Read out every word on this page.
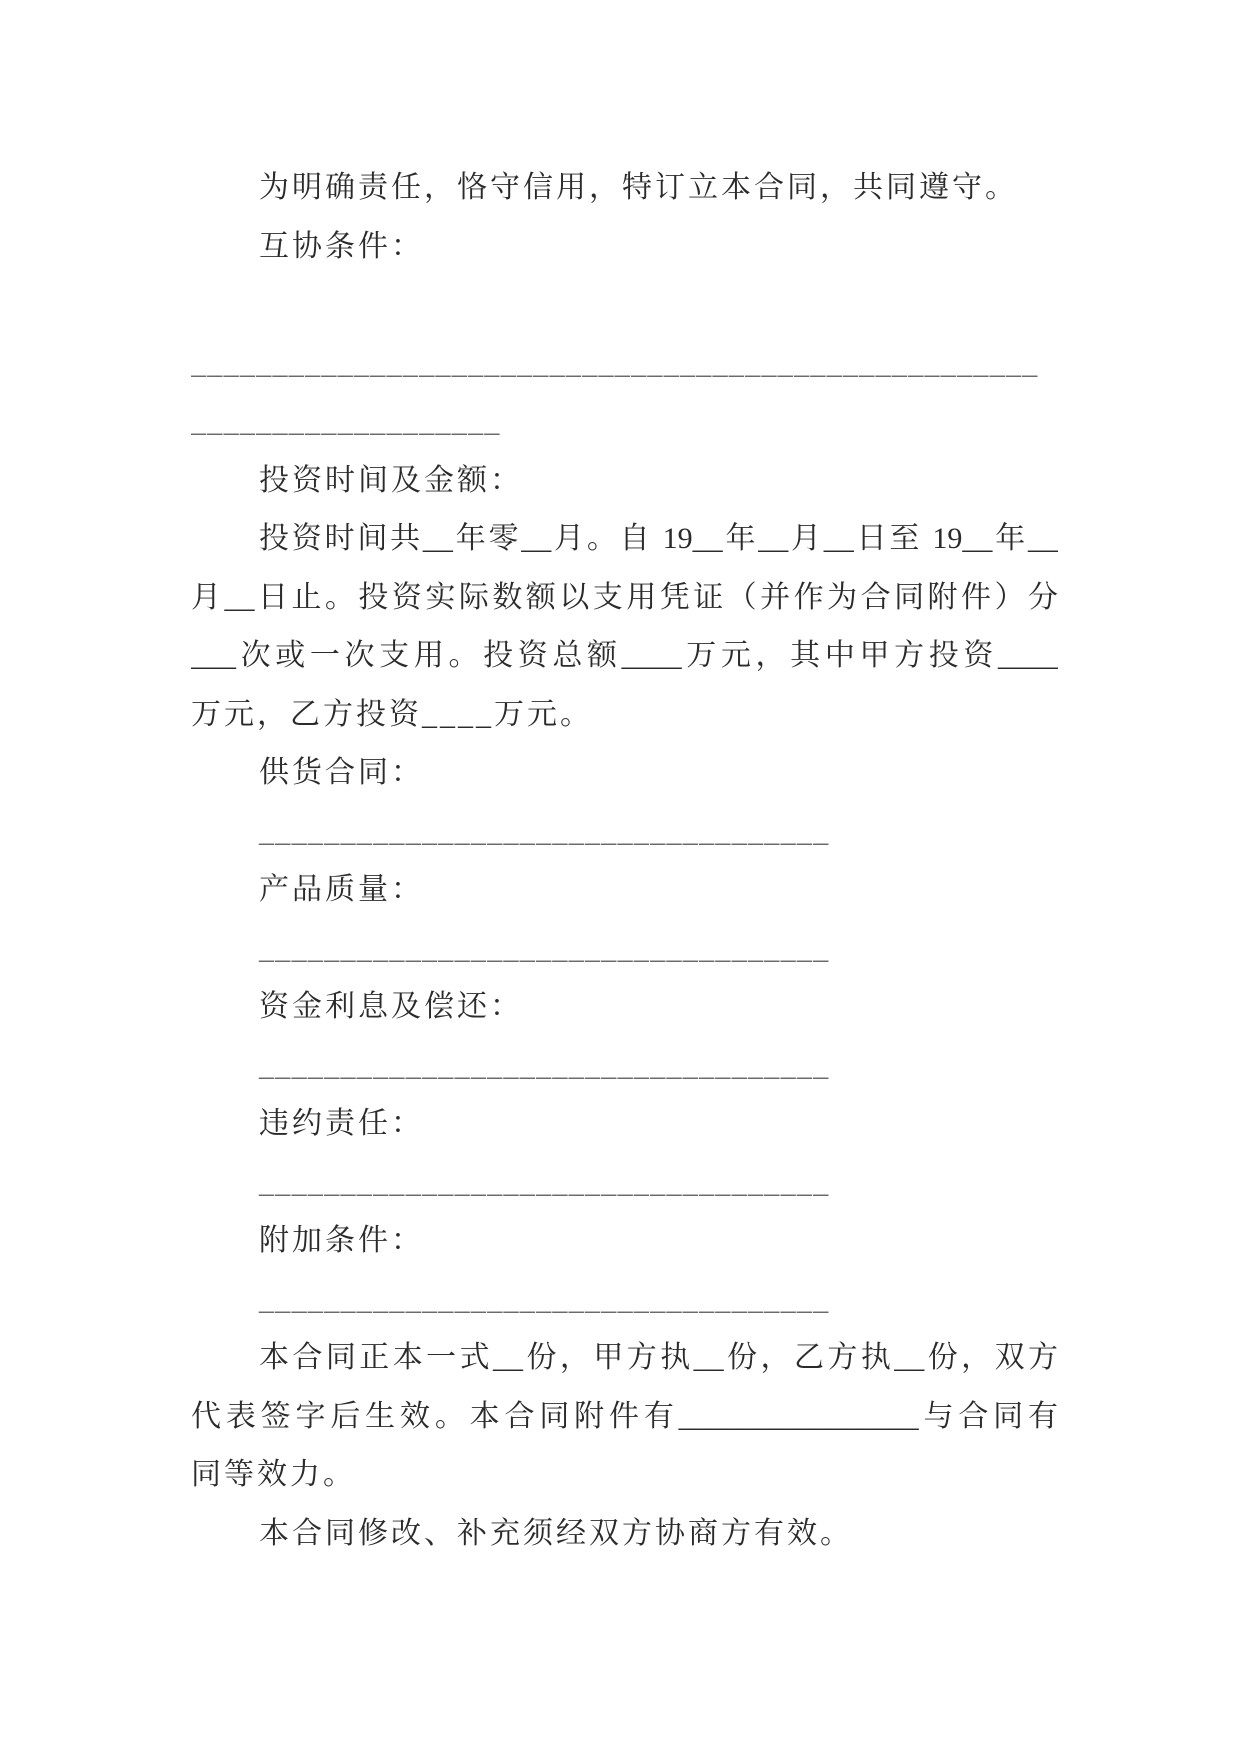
为明确责任，恪守信用，特订立本合同，共同遵守。
互协条件：
____________________________________________________
___________________
投资时间及金额：
投资时间共__年零__月。自 19__年__月__日至 19__年__
月__日止。投资实际数额以支用凭证（并作为合同附件）分
___次或一次支用。投资总额____万元，其中甲方投资____
万元，乙方投资____万元。
供货合同：
___________________________________
产品质量：
___________________________________
资金利息及偿还：
___________________________________
违约责任：
___________________________________
附加条件：
___________________________________
本合同正本一式__份，甲方执__份，乙方执__份，双方
代表签字后生效。本合同附件有________________与合同有
同等效力。
本合同修改、补充须经双方协商方有效。
